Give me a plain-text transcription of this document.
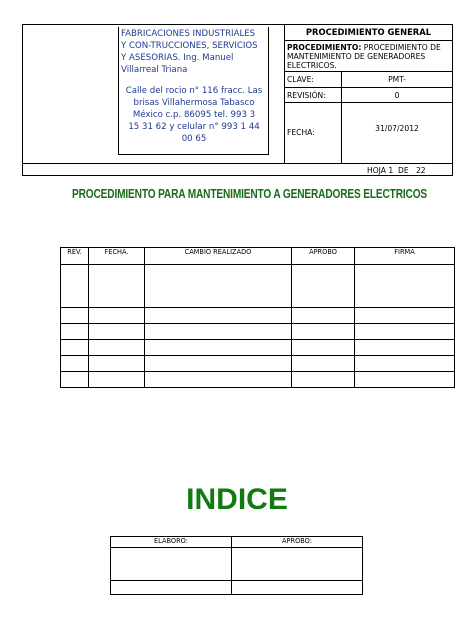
FABRICACIONES INDUSTRIALES
Y CON-TRUCCIONES, SERVICIOS
Y ASESORIAS. Ing. Manuel
Villarreal Triana
Calle del rocio n° 116 fracc. Las
brisas Villahermosa Tabasco
México c.p. 86095 tel. 993 3
15 31 62 y celular n° 993 1 44
00 65
PROCEDIMIENTO GENERAL
PROCEDIMIENTO: PROCEDIMIENTO DE MANTENIMIENTO DE GENERADORES ELECTRICOS.
CLAVE:	PMT-
REVISIÓN:	0
FECHA:	31/07/2012
HOJA 1  DE   22
PROCEDIMIENTO PARA MANTENIMIENTO A GENERADORES ELECTRICOS
REV.	FECHA.	CAMBIO REALIZADO	APROBO	FIRMA

INDICE
ELABORO:	APROBO:
